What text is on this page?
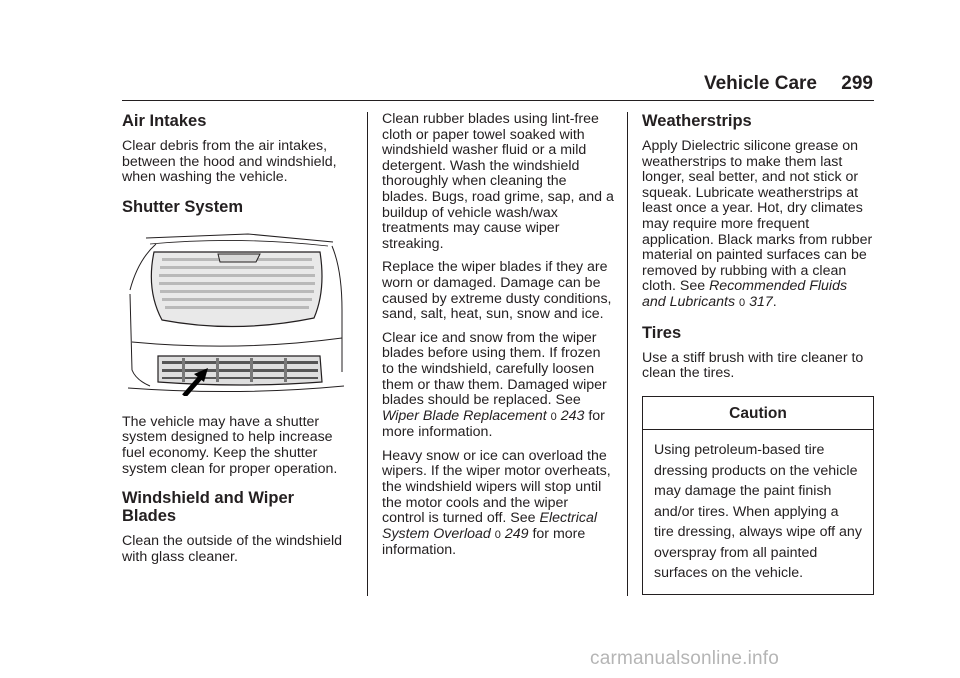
Vehicle Care 299
Air Intakes

Clear debris from the air intakes, between the hood and windshield, when washing the vehicle.

Shutter System

The vehicle may have a shutter system designed to help increase fuel economy. Keep the shutter system clean for proper operation.

Windshield and Wiper Blades

Clean the outside of the windshield with glass cleaner.

Clean rubber blades using lint-free cloth or paper towel soaked with windshield washer fluid or a mild detergent. Wash the windshield thoroughly when cleaning the blades. Bugs, road grime, sap, and a buildup of vehicle wash/wax treatments may cause wiper streaking.

Replace the wiper blades if they are worn or damaged. Damage can be caused by extreme dusty conditions, sand, salt, heat, sun, snow and ice.

Clear ice and snow from the wiper blades before using them. If frozen to the windshield, carefully loosen them or thaw them. Damaged wiper blades should be replaced. See Wiper Blade Replacement 0 243 for more information.

Heavy snow or ice can overload the wipers. If the wiper motor overheats, the windshield wipers will stop until the motor cools and the wiper control is turned off. See Electrical System Overload 0 249 for more information.

Weatherstrips

Apply Dielectric silicone grease on weatherstrips to make them last longer, seal better, and not stick or squeak. Lubricate weatherstrips at least once a year. Hot, dry climates may require more frequent application. Black marks from rubber material on painted surfaces can be removed by rubbing with a clean cloth. See Recommended Fluids and Lubricants 0 317.

Tires

Use a stiff brush with tire cleaner to clean the tires.

Caution
Using petroleum-based tire dressing products on the vehicle may damage the paint finish and/or tires. When applying a tire dressing, always wipe off any overspray from all painted surfaces on the vehicle.
carmanualsonline.info
